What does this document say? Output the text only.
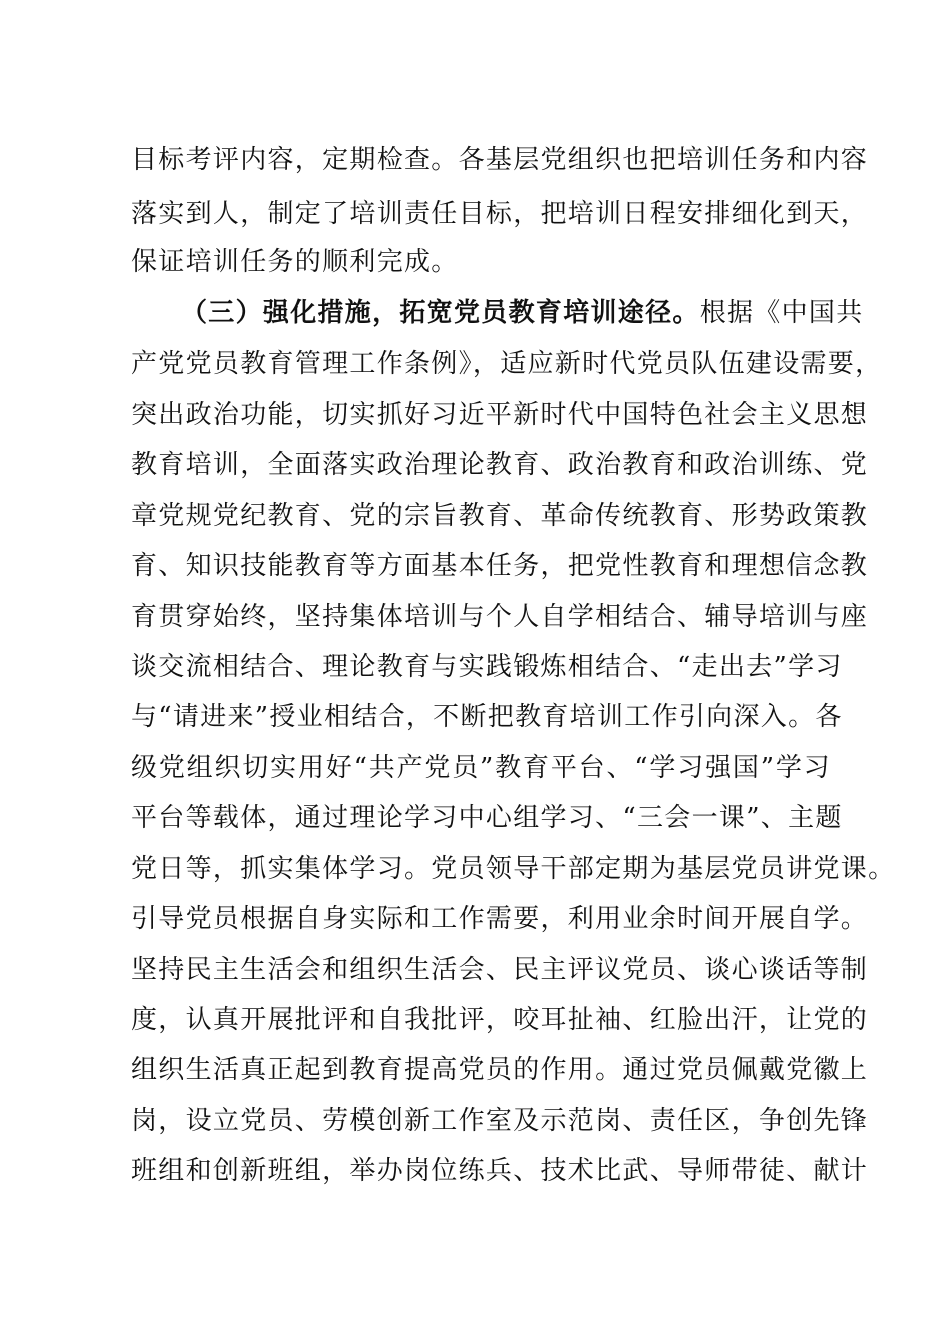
目标考评内容，定期检查。各基层党组织也把培训任务和内容
落实到人，制定了培训责任目标，把培训日程安排细化到天，
保证培训任务的顺利完成。
（三）强化措施，拓宽党员教育培训途径。根据《中国共
产党党员教育管理工作条例》，适应新时代党员队伍建设需要，
突出政治功能，切实抓好习近平新时代中国特色社会主义思想
教育培训，全面落实政治理论教育、政治教育和政治训练、党
章党规党纪教育、党的宗旨教育、革命传统教育、形势政策教
育、知识技能教育等方面基本任务，把党性教育和理想信念教
育贯穿始终，坚持集体培训与个人自学相结合、辅导培训与座
谈交流相结合、理论教育与实践锻炼相结合、“走出去”学习
与“请进来”授业相结合，不断把教育培训工作引向深入。各
级党组织切实用好“共产党员”教育平台、“学习强国”学习
平台等载体，通过理论学习中心组学习、“三会一课”、主题
党日等，抓实集体学习。党员领导干部定期为基层党员讲党课。
引导党员根据自身实际和工作需要，利用业余时间开展自学。
坚持民主生活会和组织生活会、民主评议党员、谈心谈话等制
度，认真开展批评和自我批评，咬耳扯袖、红脸出汗，让党的
组织生活真正起到教育提高党员的作用。通过党员佩戴党徽上
岗，设立党员、劳模创新工作室及示范岗、责任区，争创先锋
班组和创新班组，举办岗位练兵、技术比武、导师带徒、献计
